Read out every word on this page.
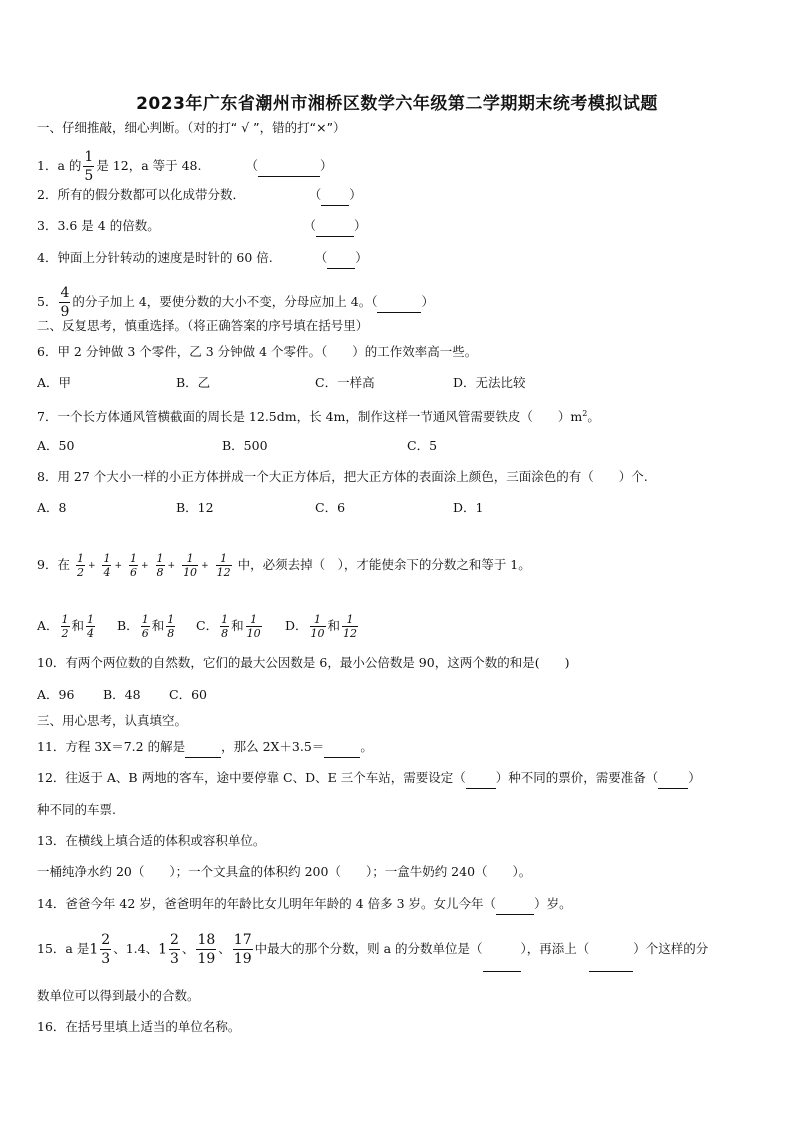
2023年广东省潮州市湘桥区数学六年级第二学期期末统考模拟试题
一、仔细推敲，细心判断。（对的打“ √ ”，错的打“×”）
1．a 的 $\frac{1}{5}$ 是 12，a 等于 48.	（	）
2．所有的假分数都可以化成带分数．	（ ）
3．3.6 是 4 的倍数。	（	）
4．钟面上分针转动的速度是时针的 60 倍.	（ ）
5． $\frac{4}{9}$ 的分子加上 4，要使分数的大小不变，分母应加上 4。（	）
二、反复思考，慎重选择。（将正确答案的序号填在括号里）
6．甲 2 分钟做 3 个零件，乙 3 分钟做 4 个零件。（　　）的工作效率高一些。
A．甲	B．乙	C．一样高	D．无法比较
7．一个长方体通风管横截面的周长是 12.5dm，长 4m，制作这样一节通风管需要铁皮（　　）$m^2$。
A．50	B．500	C．5
8．用 27 个大小一样的小正方体拼成一个大正方体后，把大正方体的表面涂上颜色，三面涂色的有（　　）个.
A．8	B．12	C．6	D．1
9．在 $\frac{1}{2} + \frac{1}{4} + \frac{1}{6} + \frac{1}{8} + \frac{1}{10} + \frac{1}{12}$ 中，必须去掉（　），才能使余下的分数之和等于 1。
A． $\frac{1}{2}$ 和 $\frac{1}{4}$ B． $\frac{1}{6}$ 和 $\frac{1}{8}$ C． $\frac{1}{8}$ 和 $\frac{1}{10}$ D． $\frac{1}{10}$ 和 $\frac{1}{12}$
10．有两个两位数的自然数，它们的最大公因数是 6，最小公倍数是 90，这两个数的和是(　　)
A．96 B．48 C．60
三、用心思考，认真填空。
11．方程 3X＝7.2 的解是	，那么 2X＋3.5＝	。
12．往返于 A、B 两地的客车，途中要停靠 C、D、E 三个车站，需要设定（ ）种不同的票价，需要准备（ ）
种不同的车票.
13．在横线上填合适的体积或容积单位。
一桶纯净水约 20（　　）；一个文具盒的体积约 200（　　）；一盒牛奶约 240（　　）。
14．爸爸今年 42 岁，爸爸明年的年龄比女儿明年年龄的 4 倍多 3 岁。女儿今年（	）岁。
15．a 是$1 \frac{2}{3}$ 、1.4、$1 \frac{2}{3}$ 、 $\frac{18}{19}$ 、 $\frac{17}{19}$ 中最大的那个分数，则 a 的分数单位是（	），再添上（	）个这样的分
数单位可以得到最小的合数。
16．在括号里填上适当的单位名称。
